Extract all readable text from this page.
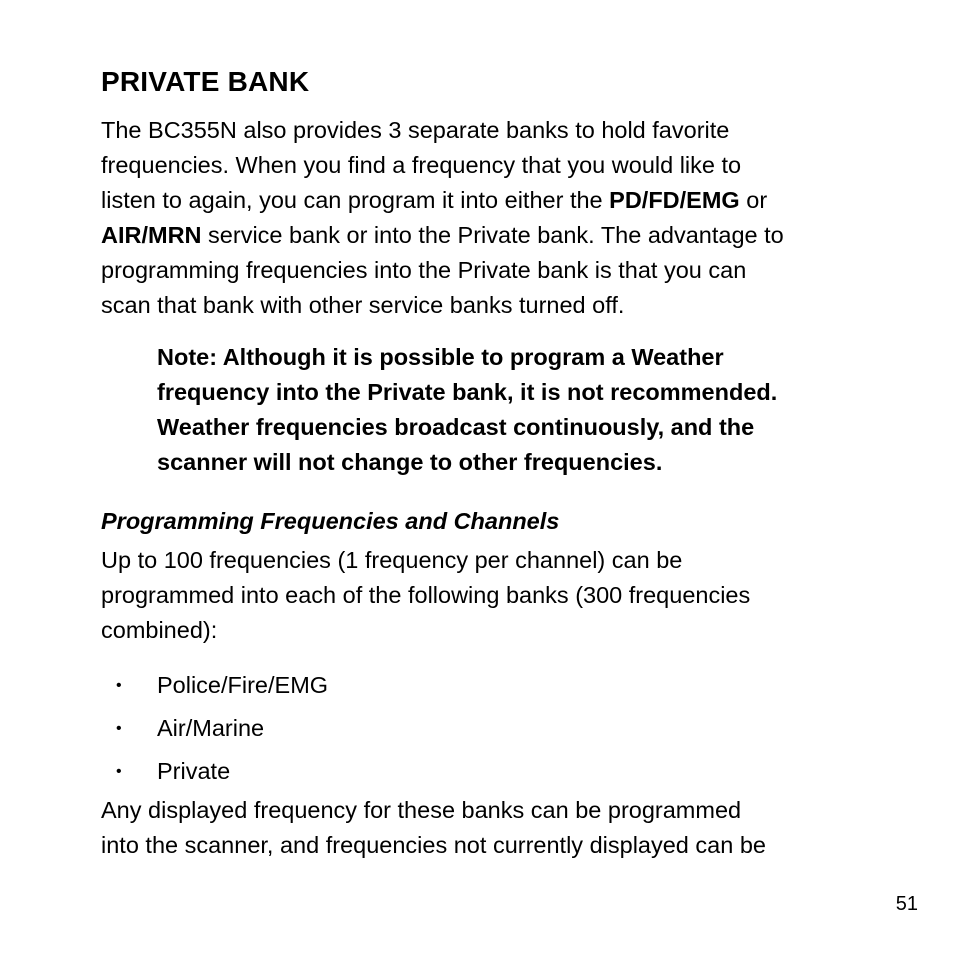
PRIVATE BANK
The BC355N also provides 3 separate banks to hold favorite
frequencies. When you find a frequency that you would like to
listen to again, you can program it into either the PD/FD/EMG or
AIR/MRN service bank or into the Private bank. The advantage to
programming frequencies into the Private bank is that you can
scan that bank with other service banks turned off.
Note: Although it is possible to program a Weather
frequency into the Private bank, it is not recommended.
Weather frequencies broadcast continuously, and the
scanner will not change to other frequencies.
Programming Frequencies and Channels
Up to 100 frequencies (1 frequency per channel) can be
programmed into each of the following banks (300 frequencies
combined):
• Police/Fire/EMG
• Air/Marine
• Private
Any displayed frequency for these banks can be programmed
into the scanner, and frequencies not currently displayed can be
51
